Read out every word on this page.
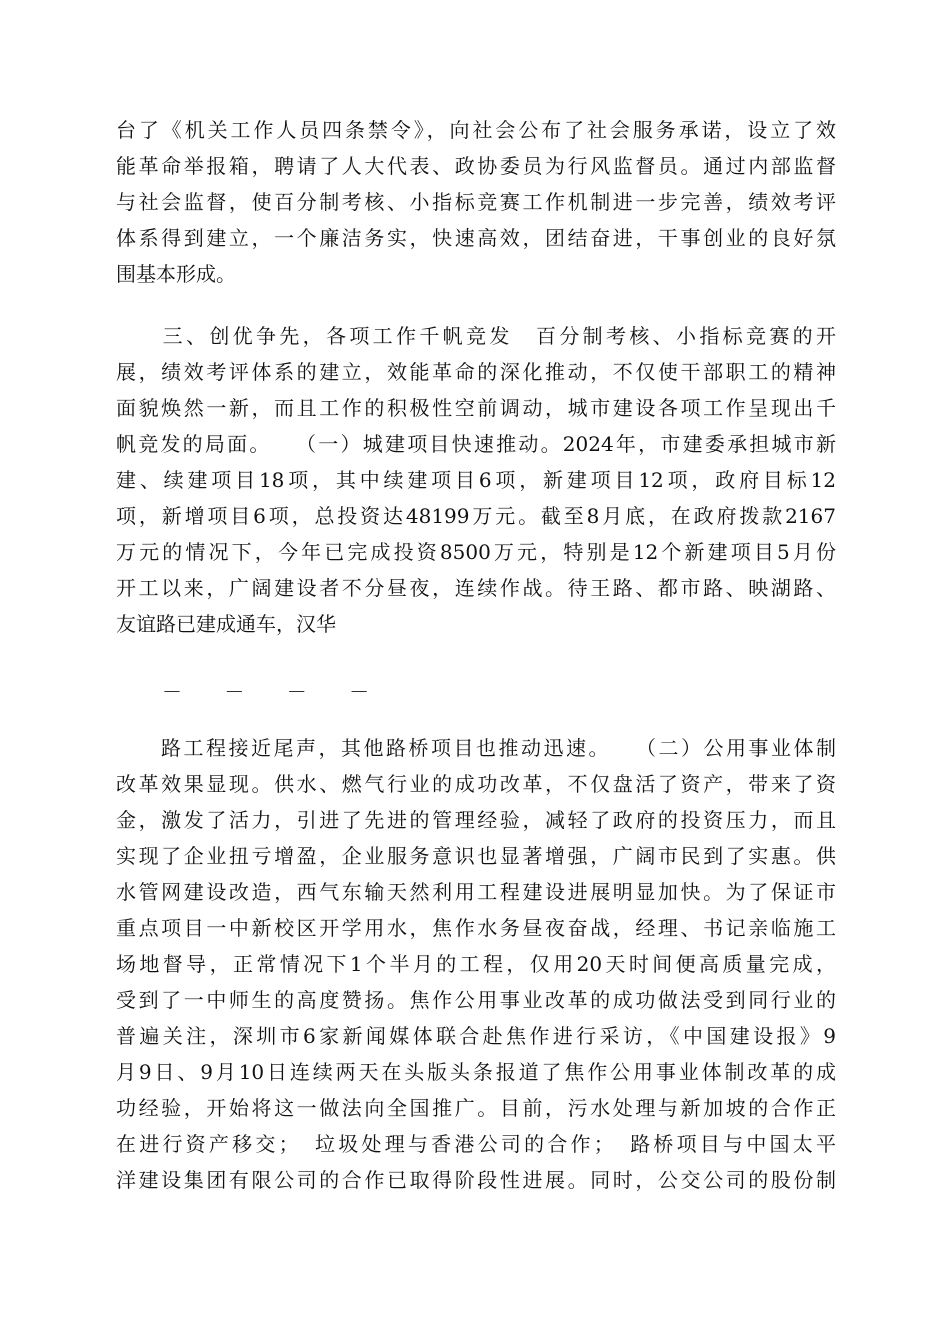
台了《机关工作人员四条禁令》，向社会公布了社会服务承诺，设立了效
能革命举报箱，聘请了人大代表、政协委员为行风监督员。通过内部监督
与社会监督，使百分制考核、小指标竞赛工作机制进一步完善，绩效考评
体系得到建立，一个廉洁务实，快速高效，团结奋进，干事创业的良好氛
围基本形成。
　　三、创优争先，各项工作千帆竞发　百分制考核、小指标竞赛的开
展，绩效考评体系的建立，效能革命的深化推动，不仅使干部职工的精神
面貌焕然一新，而且工作的积极性空前调动，城市建设各项工作呈现出千
帆竞发的局面。　　（一）城建项目快速推动。2024年，市建委承担城市新
建、续建项目18项，其中续建项目6项，新建项目12项，政府目标12
项，新增项目6项，总投资达48199万元。截至8月底，在政府拨款2167
万元的情况下，今年已完成投资8500万元，特别是12个新建项目5月份
开工以来，广阔建设者不分昼夜，连续作战。待王路、都市路、映湖路、
友谊路已建成通车，汉华
－ － － －
　　路工程接近尾声，其他路桥项目也推动迅速。　　（二）公用事业体制
改革效果显现。供水、燃气行业的成功改革，不仅盘活了资产，带来了资
金，激发了活力，引进了先进的管理经验，减轻了政府的投资压力，而且
实现了企业扭亏增盈，企业服务意识也显著增强，广阔市民到了实惠。供
水管网建设改造，西气东输天然利用工程建设进展明显加快。为了保证市
重点项目一中新校区开学用水，焦作水务昼夜奋战，经理、书记亲临施工
场地督导，正常情况下1个半月的工程，仅用20天时间便高质量完成，
受到了一中师生的高度赞扬。焦作公用事业改革的成功做法受到同行业的
普遍关注，深圳市6家新闻媒体联合赴焦作进行采访，《中国建设报》9
月9日、9月10日连续两天在头版头条报道了焦作公用事业体制改革的成
功经验，开始将这一做法向全国推广。目前，污水处理与新加坡的合作正
在进行资产移交；　垃圾处理与香港公司的合作；　路桥项目与中国太平
洋建设集团有限公司的合作已取得阶段性进展。同时，公交公司的股份制
